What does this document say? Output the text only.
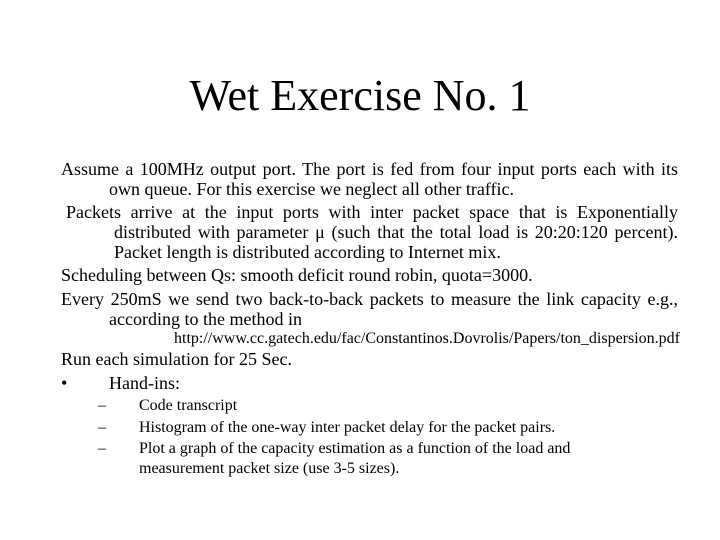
Wet Exercise No. 1
Assume a 100MHz output port. The port is fed from four input ports each with its own queue. For this exercise we neglect all other traffic.
Packets arrive at the input ports with inter packet space that is Exponentially distributed with parameter μ (such that the total load is 20:20:120 percent). Packet length is distributed according to Internet mix.
Scheduling between Qs: smooth deficit round robin, quota=3000.
Every 250mS we send two back-to-back packets to measure the link capacity e.g., according to the method in
http://www.cc.gatech.edu/fac/Constantinos.Dovrolis/Papers/ton_dispersion.pdf
Run each simulation for 25 Sec.
• Hand-ins:
– Code transcript
– Histogram of the one-way inter packet delay for the packet pairs.
– Plot a graph of the capacity estimation as a function of the load and measurement packet size (use 3-5 sizes).
